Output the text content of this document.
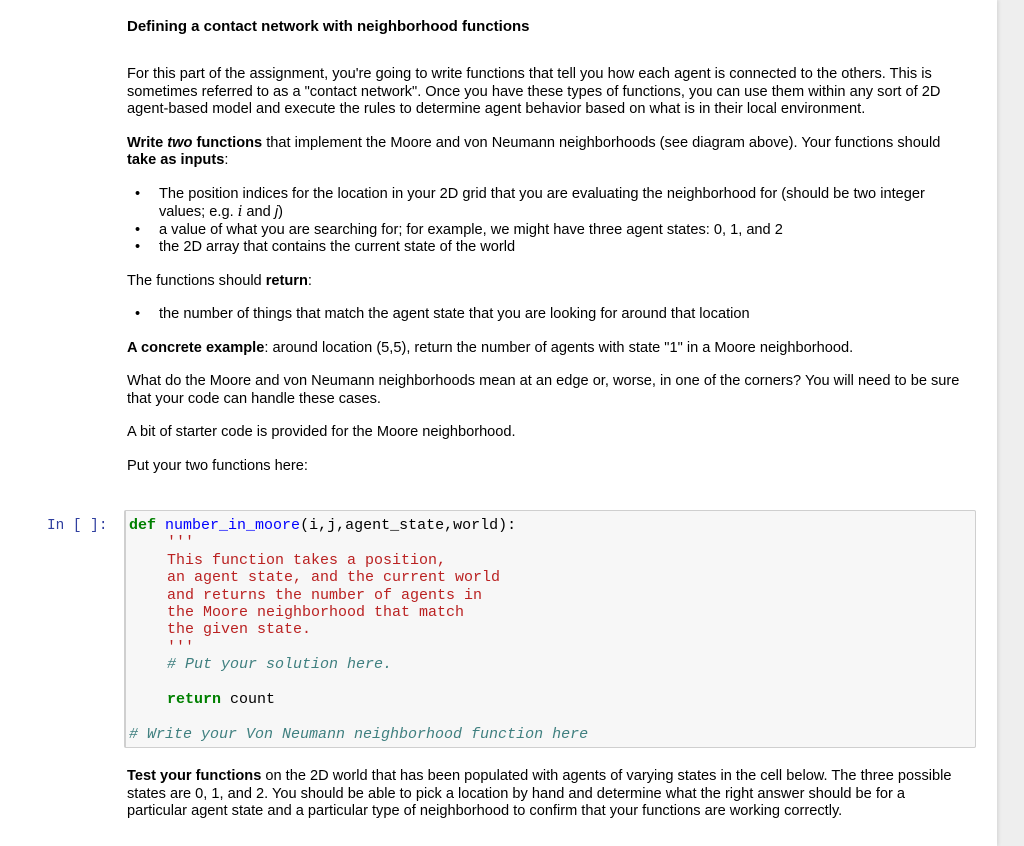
Defining a contact network with neighborhood functions

For this part of the assignment, you're going to write functions that tell you how each agent is connected to the others. This is sometimes referred to as a "contact network". Once you have these types of functions, you can use them within any sort of 2D agent-based model and execute the rules to determine agent behavior based on what is in their local environment.

Write two functions that implement the Moore and von Neumann neighborhoods (see diagram above). Your functions should take as inputs:

• The position indices for the location in your 2D grid that you are evaluating the neighborhood for (should be two integer values; e.g. i and j)
• a value of what you are searching for; for example, we might have three agent states: 0, 1, and 2
• the 2D array that contains the current state of the world

The functions should return:

• the number of things that match the agent state that you are looking for around that location

A concrete example: around location (5,5), return the number of agents with state "1" in a Moore neighborhood.

What do the Moore and von Neumann neighborhoods mean at an edge or, worse, in one of the corners? You will need to be sure that your code can handle these cases.

A bit of starter code is provided for the Moore neighborhood.

Put your two functions here:

In [ ]: def number_in_moore(i,j,agent_state,world):
'''
This function takes a position,
an agent state, and the current world
and returns the number of agents in
the Moore neighborhood that match
the given state.
'''
# Put your solution here.
return count
# Write your Von Neumann neighborhood function here

Test your functions on the 2D world that has been populated with agents of varying states in the cell below. The three possible states are 0, 1, and 2. You should be able to pick a location by hand and determine what the right answer should be for a particular agent state and a particular type of neighborhood to confirm that your functions are working correctly.
